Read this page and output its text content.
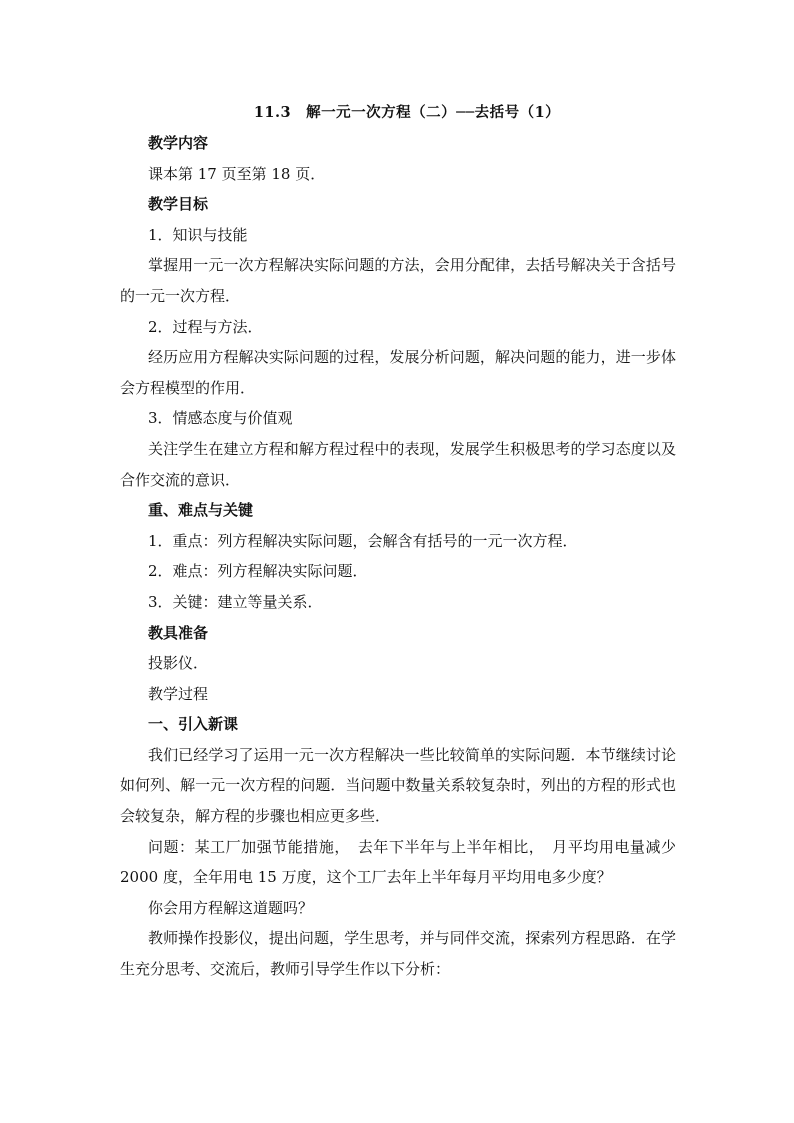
11.3　解一元一次方程（二）──去括号（1）
教学内容
课本第 17 页至第 18 页．
教学目标
1．知识与技能

掌握用一元一次方程解决实际问题的方法，会用分配律，去括号解决关于含括号的一元一次方程．

2．过程与方法．

经历应用方程解决实际问题的过程，发展分析问题，解决问题的能力，进一步体会方程模型的作用．

3．情感态度与价值观

关注学生在建立方程和解方程过程中的表现，发展学生积极思考的学习态度以及合作交流的意识．

重、难点与关键
1．重点：列方程解决实际问题，会解含有括号的一元一次方程．
2．难点：列方程解决实际问题．
3．关键：建立等量关系．
教具准备
投影仪．
教学过程
一、引入新课

我们已经学习了运用一元一次方程解决一些比较简单的实际问题．本节继续讨论如何列、解一元一次方程的问题．当问题中数量关系较复杂时，列出的方程的形式也会较复杂，解方程的步骤也相应更多些．

问题：某工厂加强节能措施，　去年下半年与上半年相比，　月平均用电量减少 2000 度，全年用电 15 万度，这个工厂去年上半年每月平均用电多少度？

你会用方程解这道题吗？

教师操作投影仪，提出问题，学生思考，并与同伴交流，探索列方程思路．在学生充分思考、交流后，教师引导学生作以下分析：
